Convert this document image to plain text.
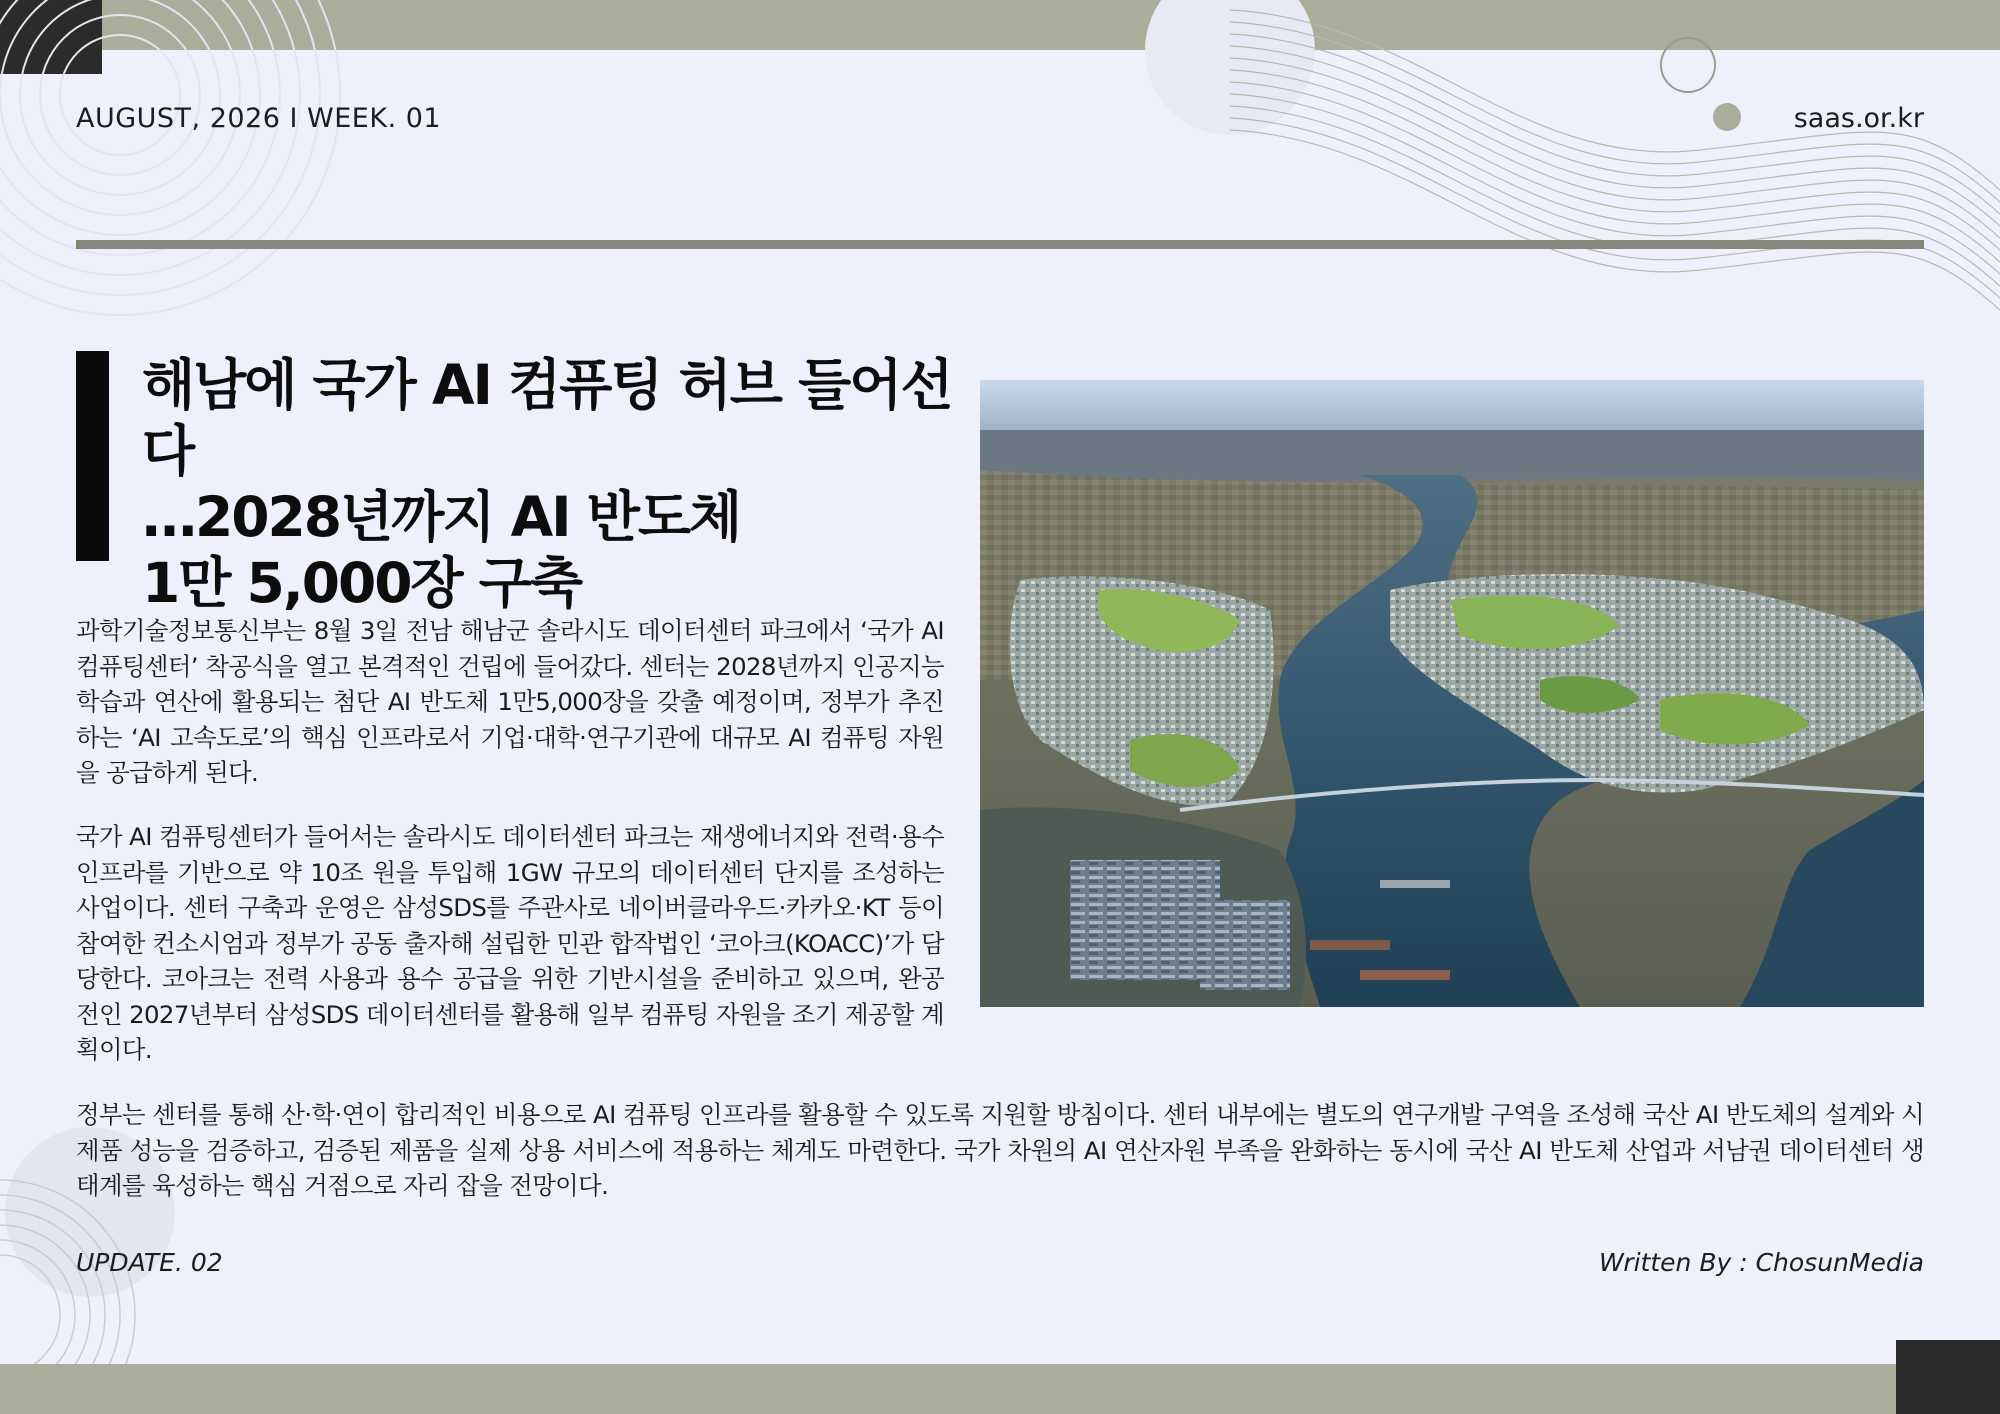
AUGUST, 2026 I WEEK. 01	saas.or.kr
해남에 국가 AI 컴퓨팅 허브 들어선다
…2028년까지 AI 반도체
1만 5,000장 구축

과학기술정보통신부는 8월 3일 전남 해남군 솔라시도 데이터센터 파크에서 ‘국가 AI 컴퓨팅센터’ 착공식을 열고 본격적인 건립에 들어갔다. 센터는 2028년까지 인공지능 학습과 연산에 활용되는 첨단 AI 반도체 1만5,000장을 갖출 예정이며, 정부가 추진하는 ‘AI 고속도로’의 핵심 인프라로서 기업·대학·연구기관에 대규모 AI 컴퓨팅 자원을 공급하게 된다.

국가 AI 컴퓨팅센터가 들어서는 솔라시도 데이터센터 파크는 재생에너지와 전력·용수 인프라를 기반으로 약 10조 원을 투입해 1GW 규모의 데이터센터 단지를 조성하는 사업이다. 센터 구축과 운영은 삼성SDS를 주관사로 네이버클라우드·카카오·KT 등이 참여한 컨소시엄과 정부가 공동 출자해 설립한 민관 합작법인 ‘코아크(KOACC)’가 담당한다. 코아크는 전력 사용과 용수 공급을 위한 기반시설을 준비하고 있으며, 완공 전인 2027년부터 삼성SDS 데이터센터를 활용해 일부 컴퓨팅 자원을 조기 제공할 계획이다.

정부는 센터를 통해 산·학·연이 합리적인 비용으로 AI 컴퓨팅 인프라를 활용할 수 있도록 지원할 방침이다. 센터 내부에는 별도의 연구개발 구역을 조성해 국산 AI 반도체의 설계와 시제품 성능을 검증하고, 검증된 제품을 실제 상용 서비스에 적용하는 체계도 마련한다. 국가 차원의 AI 연산자원 부족을 완화하는 동시에 국산 AI 반도체 산업과 서남권 데이터센터 생태계를 육성하는 핵심 거점으로 자리 잡을 전망이다.

UPDATE. 02	Written By : ChosunMedia
